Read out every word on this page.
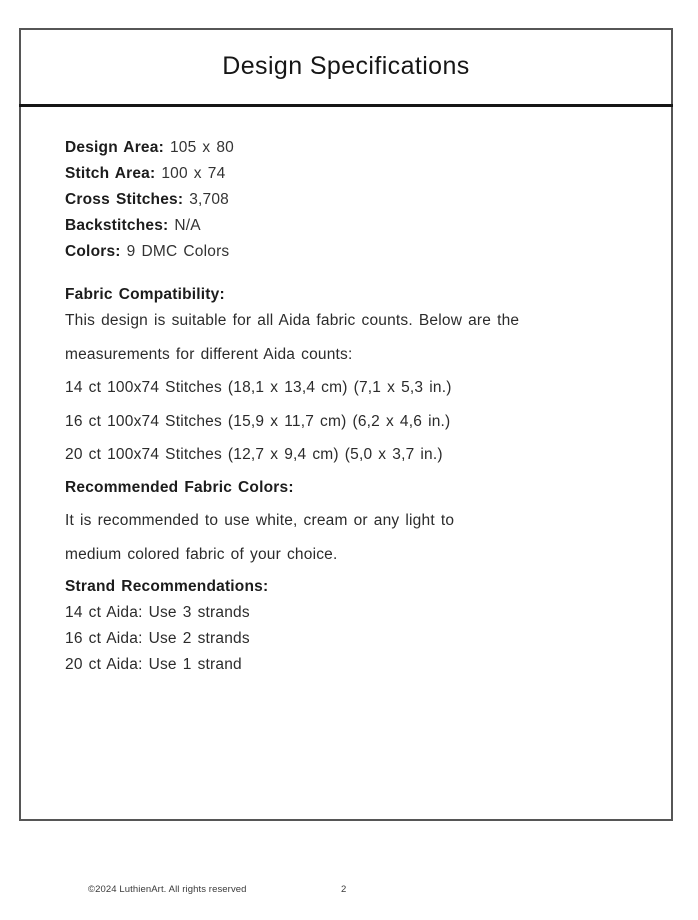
Design Specifications
Design Area: 105 x 80
Stitch Area: 100 x 74
Cross Stitches: 3,708
Backstitches: N/A
Colors: 9 DMC Colors
Fabric Compatibility:
This design is suitable for all Aida fabric counts. Below are the
measurements for different Aida counts:
14 ct 100x74 Stitches (18,1 x 13,4 cm) (7,1 x 5,3 in.)
16 ct 100x74 Stitches (15,9 x 11,7 cm) (6,2 x 4,6 in.)
20 ct 100x74 Stitches (12,7 x 9,4 cm) (5,0 x 3,7 in.)
Recommended Fabric Colors:
It is recommended to use white, cream or any light to
medium colored fabric of your choice.
Strand Recommendations:
14 ct Aida: Use 3 strands
16 ct Aida: Use 2 strands
20 ct Aida: Use 1 strand
©2024 LuthienArt. All rights reserved	2
